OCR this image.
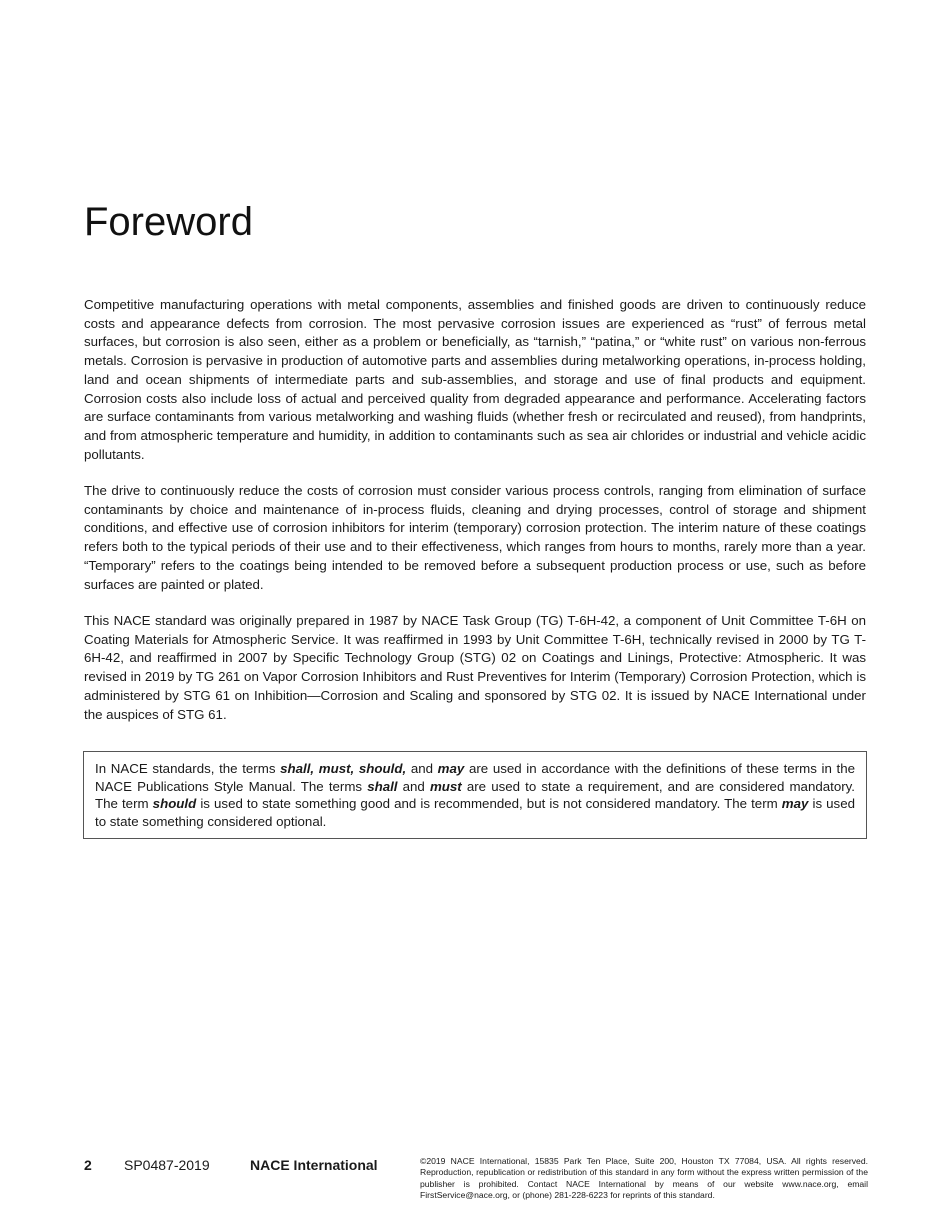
Foreword

Competitive manufacturing operations with metal components, assemblies and finished goods are driven to continuously reduce costs and appearance defects from corrosion. The most pervasive corrosion issues are experienced as “rust” of ferrous metal surfaces, but corrosion is also seen, either as a problem or beneficially, as “tarnish,” “patina,” or “white rust” on various non-ferrous metals. Corrosion is pervasive in production of automotive parts and assemblies during metalworking operations, in-process holding, land and ocean shipments of intermediate parts and sub-assemblies, and storage and use of final products and equipment. Corrosion costs also include loss of actual and perceived quality from degraded appearance and performance. Accelerating factors are surface contaminants from various metalworking and washing fluids (whether fresh or recirculated and reused), from handprints, and from atmospheric temperature and humidity, in addition to contaminants such as sea air chlorides or industrial and vehicle acidic pollutants.

The drive to continuously reduce the costs of corrosion must consider various process controls, ranging from elimination of surface contaminants by choice and maintenance of in-process fluids, cleaning and drying processes, control of storage and shipment conditions, and effective use of corrosion inhibitors for interim (temporary) corrosion protection. The interim nature of these coatings refers both to the typical periods of their use and to their effectiveness, which ranges from hours to months, rarely more than a year. “Temporary” refers to the coatings being intended to be removed before a subsequent production process or use, such as before surfaces are painted or plated.

This NACE standard was originally prepared in 1987 by NACE Task Group (TG) T-6H-42, a component of Unit Committee T-6H on Coating Materials for Atmospheric Service. It was reaffirmed in 1993 by Unit Committee T-6H, technically revised in 2000 by TG T-6H-42, and reaffirmed in 2007 by Specific Technology Group (STG) 02 on Coatings and Linings, Protective: Atmospheric. It was revised in 2019 by TG 261 on Vapor Corrosion Inhibitors and Rust Preventives for Interim (Temporary) Corrosion Protection, which is administered by STG 61 on Inhibition—Corrosion and Scaling and sponsored by STG 02. It is issued by NACE International under the auspices of STG 61.

In NACE standards, the terms shall, must, should, and may are used in accordance with the definitions of these terms in the NACE Publications Style Manual. The terms shall and must are used to state a requirement, and are considered mandatory. The term should is used to state something good and is recommended, but is not considered mandatory. The term may is used to state something considered optional.
2 SP0487-2019	NACE International	©2019 NACE International, 15835 Park Ten Place, Suite 200, Houston TX 77084, USA. All rights reserved. Reproduction, republication or redistribution of this standard in any form without the express written permission of the publisher is prohibited. Contact NACE International by means of our website www.nace.org, email FirstService@nace.org, or (phone) 281-228-6223 for reprints of this standard.
